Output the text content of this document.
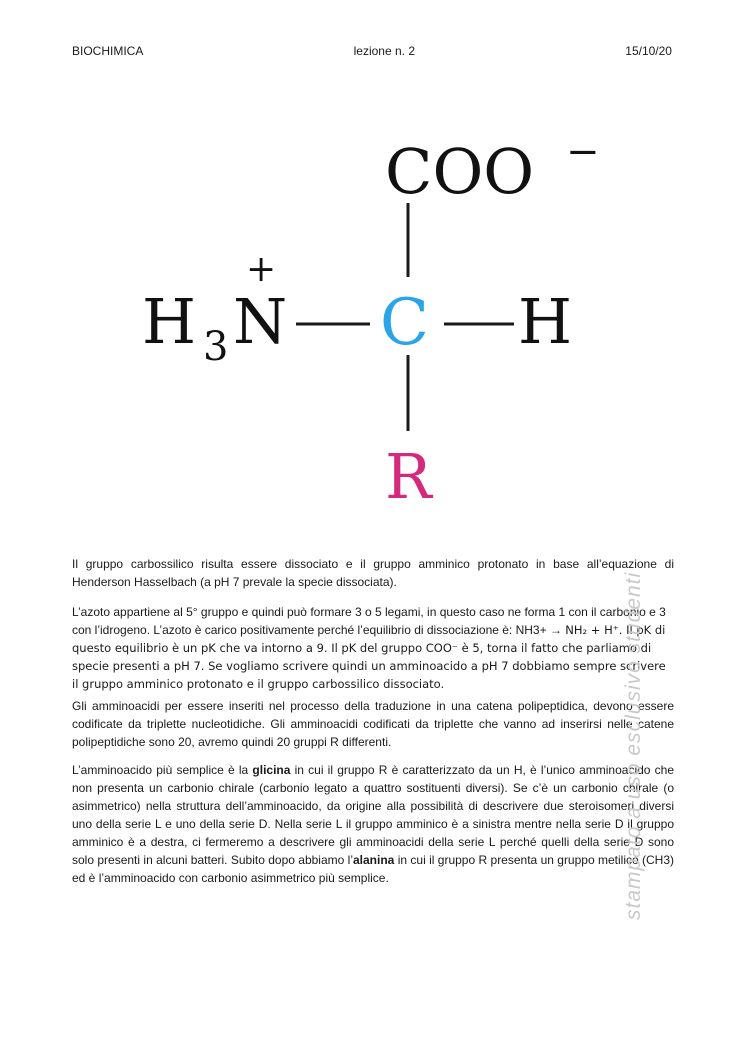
BIOCHIMICA	lezione n. 2	15/10/20
COO −
H 3 N
+
C H
R

Il gruppo carbossilico risulta essere dissociato e il gruppo amminico protonato in base all’equazione di Henderson Hasselbach (a pH 7 prevale la specie dissociata).

L’azoto appartiene al 5° gruppo e quindi può formare 3 o 5 legami, in questo caso ne forma 1 con il carbonio e 3 con l’idrogeno. L’azoto è carico positivamente perché l’equilibrio di dissociazione è: NH3+ → NH₂ + H⁺. Il pK di questo equilibrio è un pK che va intorno a 9. Il pK del gruppo COO⁻ è 5, torna il fatto che parliamo di specie presenti a pH 7. Se vogliamo scrivere quindi un amminoacido a pH 7 dobbiamo sempre scrivere il gruppo amminico protonato e il gruppo carbossilico dissociato.

Gli amminoacidi per essere inseriti nel processo della traduzione in una catena polipeptidica, devono essere codificate da triplette nucleotidiche. Gli amminoacidi codificati da triplette che vanno ad inserirsi nelle catene polipeptidiche sono 20, avremo quindi 20 gruppi R differenti.

L’amminoacido più semplice è la glicina in cui il gruppo R è caratterizzato da un H, è l’unico amminoacido che non presenta un carbonio chirale (carbonio legato a quattro sostituenti diversi). Se c’è un carbonio chirale (o asimmetrico) nella struttura dell’amminoacido, da origine alla possibilità di descrivere due steroisomeri diversi uno della serie L e uno della serie D. Nella serie L il gruppo amminico è a sinistra mentre nella serie D il gruppo amminico è a destra, ci fermeremo a descrivere gli amminoacidi della serie L perché quelli della serie D sono solo presenti in alcuni batteri. Subito dopo abbiamo l’alanina in cui il gruppo R presenta un gruppo metilico (CH3) ed è l’amminoacido con carbonio asimmetrico più semplice.	stampato a uso esclusivo studenti
